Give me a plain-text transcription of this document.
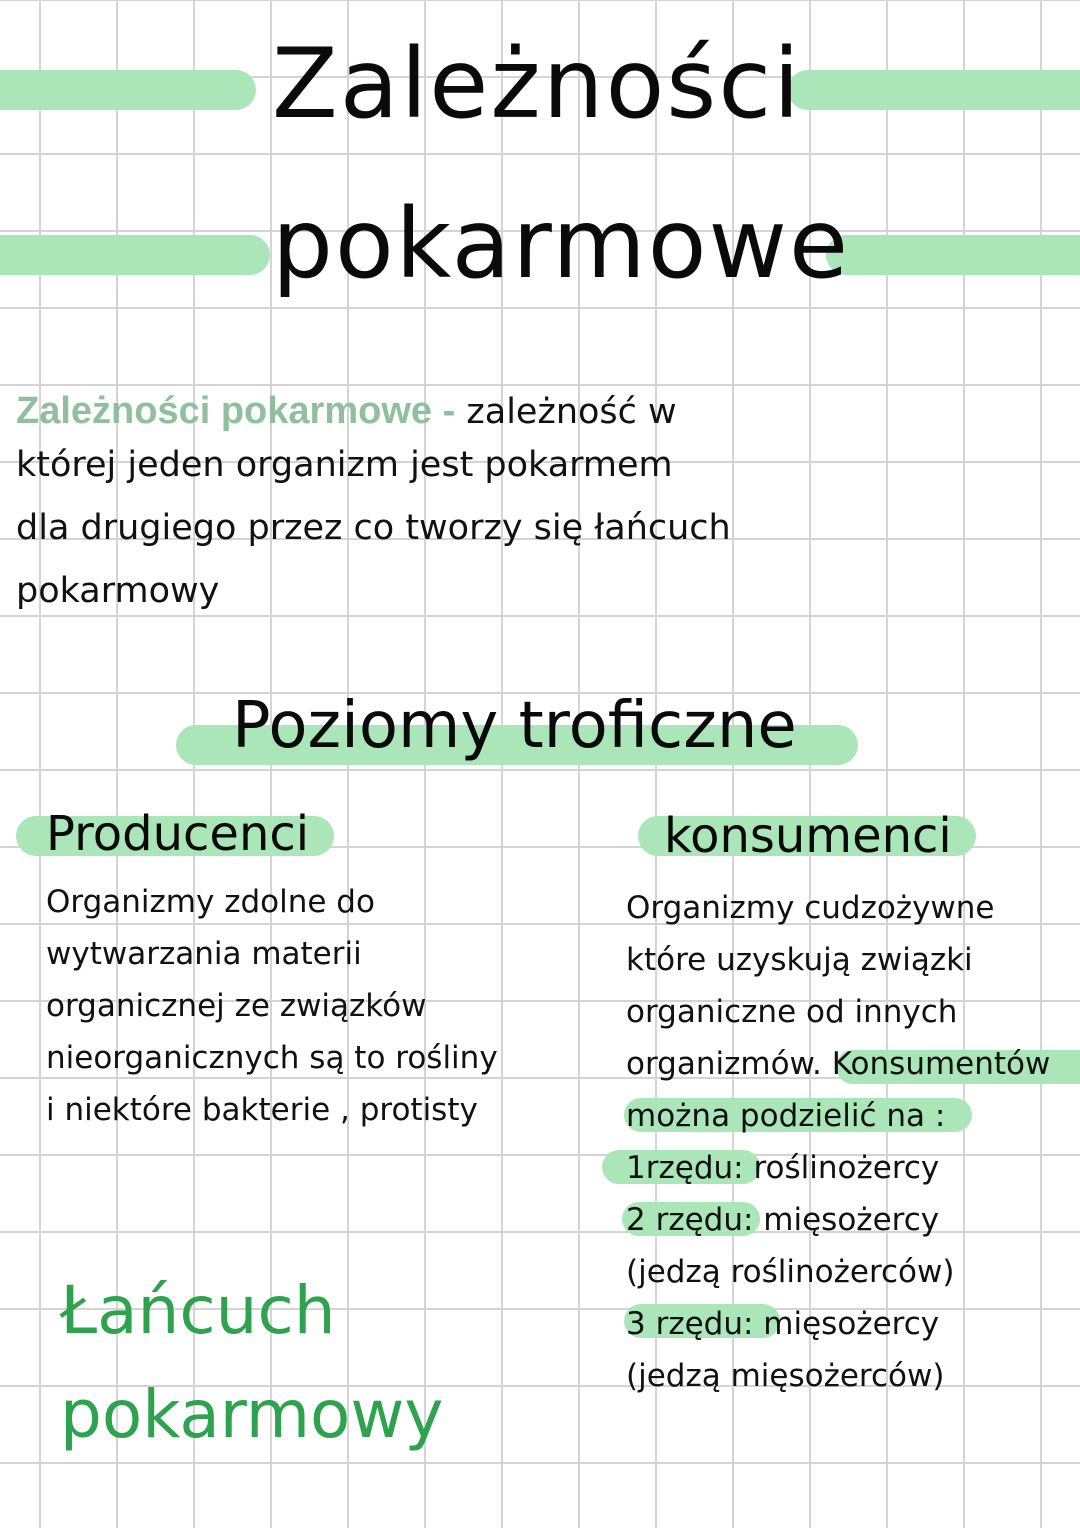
Zależności
pokarmowe
Zależności pokarmowe - zależność w
której jeden organizm jest pokarmem
dla drugiego przez co tworzy się łańcuch
pokarmowy
Poziomy troficzne
Producenci
Organizmy zdolne do
wytwarzania materii
organicznej ze związków
nieorganicznych są to rośliny
i niektóre bakterie , protisty
konsumenci
Organizmy cudzożywne
które uzyskują związki
organiczne od innych
organizmów. Konsumentów
można podzielić na :
1rzędu: roślinożercy
2 rzędu: mięsożercy
(jedzą roślinożerców)
3 rzędu: mięsożercy
(jedzą mięsożerców)
Łańcuch
pokarmowy
